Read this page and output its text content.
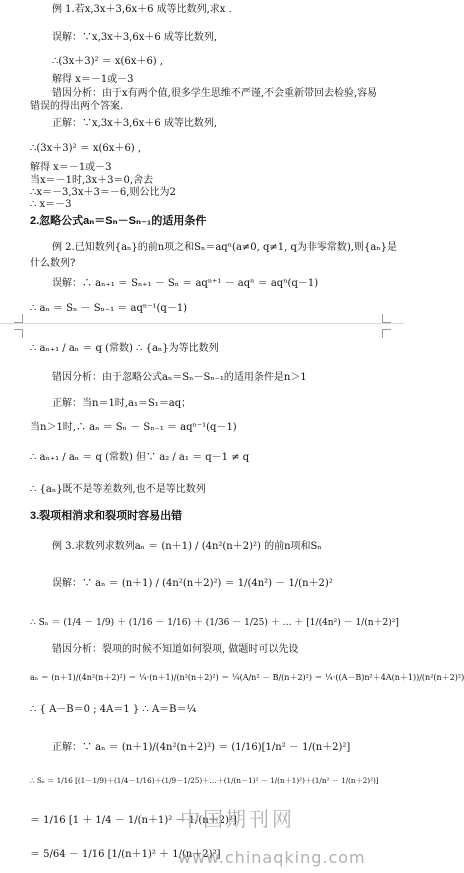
例 1.若x,3x＋3,6x＋6 成等比数列,求x .
误解：∵x,3x＋3,6x＋6 成等比数列,
∴(3x＋3)² ＝ x(6x＋6) ,
解得 x＝－1或－3
错因分析：由于x有两个值,很多学生思维不严谨,不会重新带回去检验,容易
错误的得出两个答案.
正解：∵x,3x＋3,6x＋6 成等比数列,
∴(3x＋3)² ＝ x(6x＋6) ,
解得 x＝－1或－3
当x＝－1时,3x＋3＝0,舍去
∴x＝－3,3x＋3＝－6,则公比为2
∴ x＝－3
2.忽略公式aₙ＝Sₙ－Sₙ₋₁的适用条件
例 2.已知数列{aₙ}的前n项之和Sₙ＝aqⁿ(a≠0, q≠1, q为非零常数),则{aₙ}是
什么数列?
误解：∴ aₙ₊₁ ＝ Sₙ₊₁ － Sₙ ＝ aqⁿ⁺¹ － aqⁿ ＝ aqⁿ(q－1)
∴ aₙ ＝ Sₙ － Sₙ₋₁ ＝ aqⁿ⁻¹(q－1)
∴ aₙ₊₁ / aₙ ＝ q (常数) ∴ {aₙ}为等比数列
错因分析：由于忽略公式aₙ＝Sₙ－Sₙ₋₁的适用条件是n＞1
正解：当n＝1时,a₁＝S₁＝aq；
当n＞1时,∴ aₙ ＝ Sₙ － Sₙ₋₁ ＝ aqⁿ⁻¹(q－1)
∴ aₙ₊₁ / aₙ ＝ q (常数) 但∵ a₂ / a₁ ＝ q－1 ≠ q
∴ {aₙ}既不是等差数列,也不是等比数列
3.裂项相消求和裂项时容易出错
例 3.求数列求数列aₙ ＝ (n＋1) / (4n²(n＋2)²) 的前n项和Sₙ
误解：∵ aₙ ＝ (n＋1) / (4n²(n＋2)²) ＝ 1/(4n²) － 1/(n＋2)²
∴ Sₙ ＝ (1/4 － 1/9) ＋ (1/16 － 1/16) ＋ (1/36 － 1/25) ＋ … ＋ [1/(4n²) － 1/(n＋2)²]
错因分析：裂项的时候不知道如何裂项, 做题时可以先设
aₙ ＝ (n＋1)/(4n²(n＋2)²) ＝ ¼·(n＋1)/(n²(n＋2)²) ＝ ¼(A/n² － B/(n＋2)²) ＝ ¼·((A－B)n²＋4A(n＋1))/(n²(n＋2)²)
∴ { A－B＝0 ; 4A＝1 } ∴ A＝B＝¼
正解：∵ aₙ ＝ (n＋1)/(4n²(n＋2)²) ＝ (1/16)[1/n² － 1/(n＋2)²]
∴ Sₙ ＝ 1/16 [(1－1/9)＋(1/4－1/16)＋(1/9－1/25)＋…＋(1/(n－1)² － 1/(n＋1)²)＋(1/n² － 1/(n＋2)²)]
＝ 1/16 [1 ＋ 1/4 － 1/(n＋1)² － 1/(n＋2)²]
＝ 5/64 － 1/16 [1/(n＋1)² ＋ 1/(n＋2)²]
中国期刊网
www.chinaqking.com
